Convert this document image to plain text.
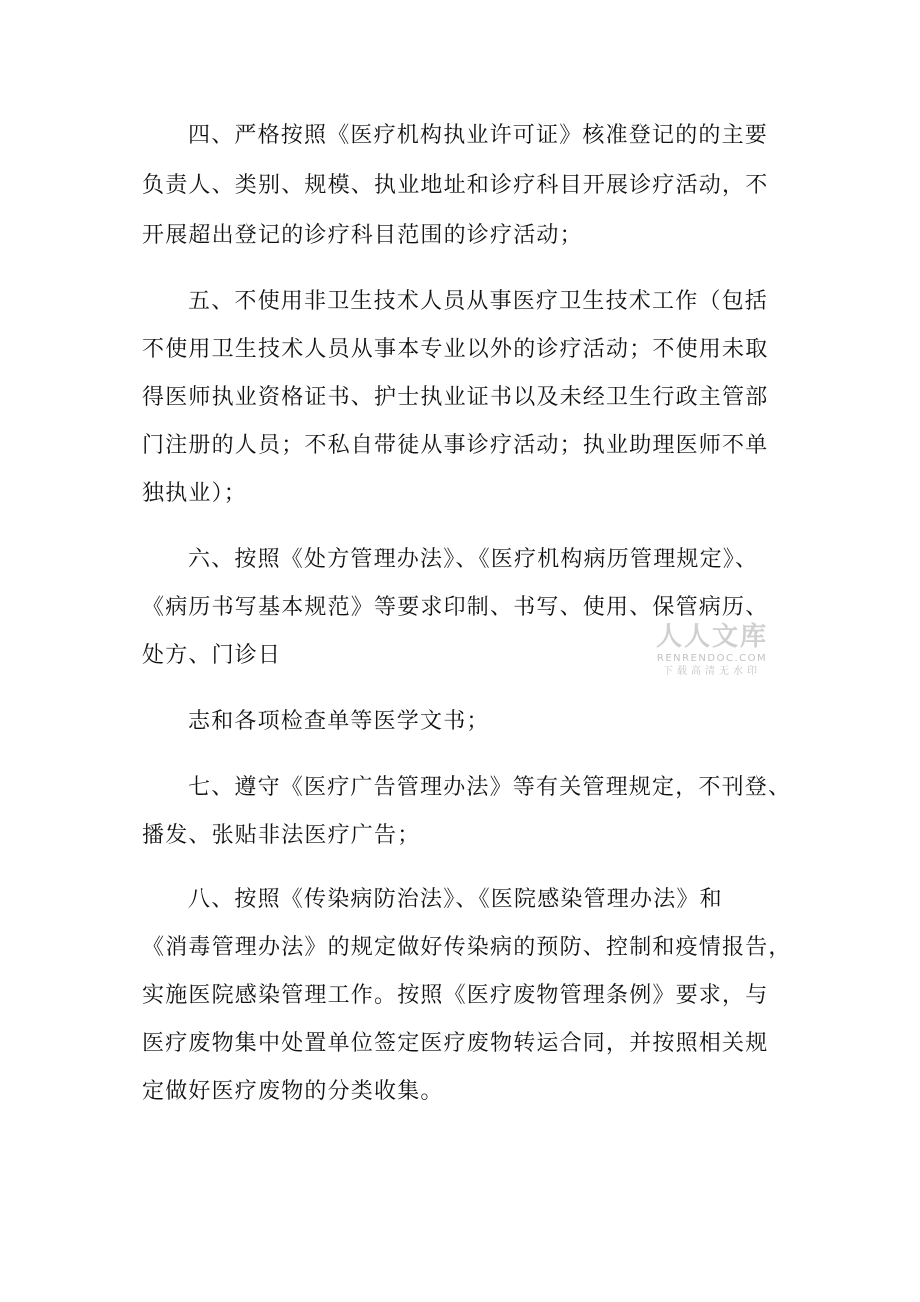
四、严格按照《医疗机构执业许可证》核准登记的的主要
负责人、类别、规模、执业地址和诊疗科目开展诊疗活动，不
开展超出登记的诊疗科目范围的诊疗活动；
五、不使用非卫生技术人员从事医疗卫生技术工作（包括
不使用卫生技术人员从事本专业以外的诊疗活动；不使用未取
得医师执业资格证书、护士执业证书以及未经卫生行政主管部
门注册的人员；不私自带徒从事诊疗活动；执业助理医师不单
独执业）；
六、按照《处方管理办法》、《医疗机构病历管理规定》、
《病历书写基本规范》等要求印制、书写、使用、保管病历、
处方、门诊日
志和各项检查单等医学文书；
七、遵守《医疗广告管理办法》等有关管理规定，不刊登、
播发、张贴非法医疗广告；
八、按照《传染病防治法》、《医院感染管理办法》和
《消毒管理办法》的规定做好传染病的预防、控制和疫情报告，
实施医院感染管理工作。按照《医疗废物管理条例》要求，与
医疗废物集中处置单位签定医疗废物转运合同，并按照相关规
定做好医疗废物的分类收集。
人人文库
RENRENDOC.COM
下载高清无水印
